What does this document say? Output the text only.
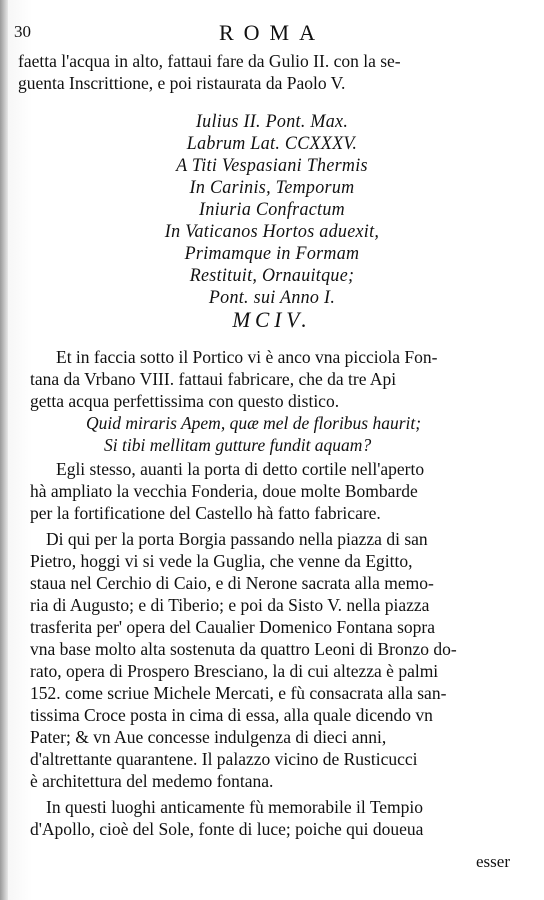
30	ROMA
faetta l'acqua in alto, fattaui fare da Gulio II. con la se-
guenta Inscrittione, e poi ristaurata da Paolo V.
Iulius II. Pont. Max.
Labrum Lat. CCXXXV.
A Titi Vespasiani Thermis
In Carinis, Temporum
Iniuria Confractum
In Vaticanos Hortos aduexit,
Primamque in Formam
Restituit, Ornauitque;
Pont. sui Anno I.
MCIV.
Et in faccia sotto il Portico vi è anco vna picciola Fon-
tana da Vrbano VIII. fattaui fabricare, che da tre Api
getta acqua perfettissima con questo distico.
Quid miraris Apem, quæ mel de floribus haurit;
Si tibi mellitam gutture fundit aquam?
Egli stesso, auanti la porta di detto cortile nell'aperto
hà ampliato la vecchia Fonderia, doue molte Bombarde
per la fortificatione del Castello hà fatto fabricare.
Di qui per la porta Borgia passando nella piazza di san
Pietro, hoggi vi si vede la Guglia, che venne da Egitto,
staua nel Cerchio di Caio, e di Nerone sacrata alla memo-
ria di Augusto; e di Tiberio; e poi da Sisto V. nella piazza
trasferita per' opera del Caualier Domenico Fontana sopra
vna base molto alta sostenuta da quattro Leoni di Bronzo do-
rato, opera di Prospero Bresciano, la di cui altezza è palmi
152. come scriue Michele Mercati, e fù consacrata alla san-
tissima Croce posta in cima di essa, alla quale dicendo vn
Pater; & vn Aue concesse indulgenza di dieci anni,
d'altrettante quarantene. Il palazzo vicino de Rusticucci
è architettura del medemo fontana.
In questi luoghi anticamente fù memorabile il Tempio
d'Apollo, cioè del Sole, fonte di luce; poiche qui doueua
esser
